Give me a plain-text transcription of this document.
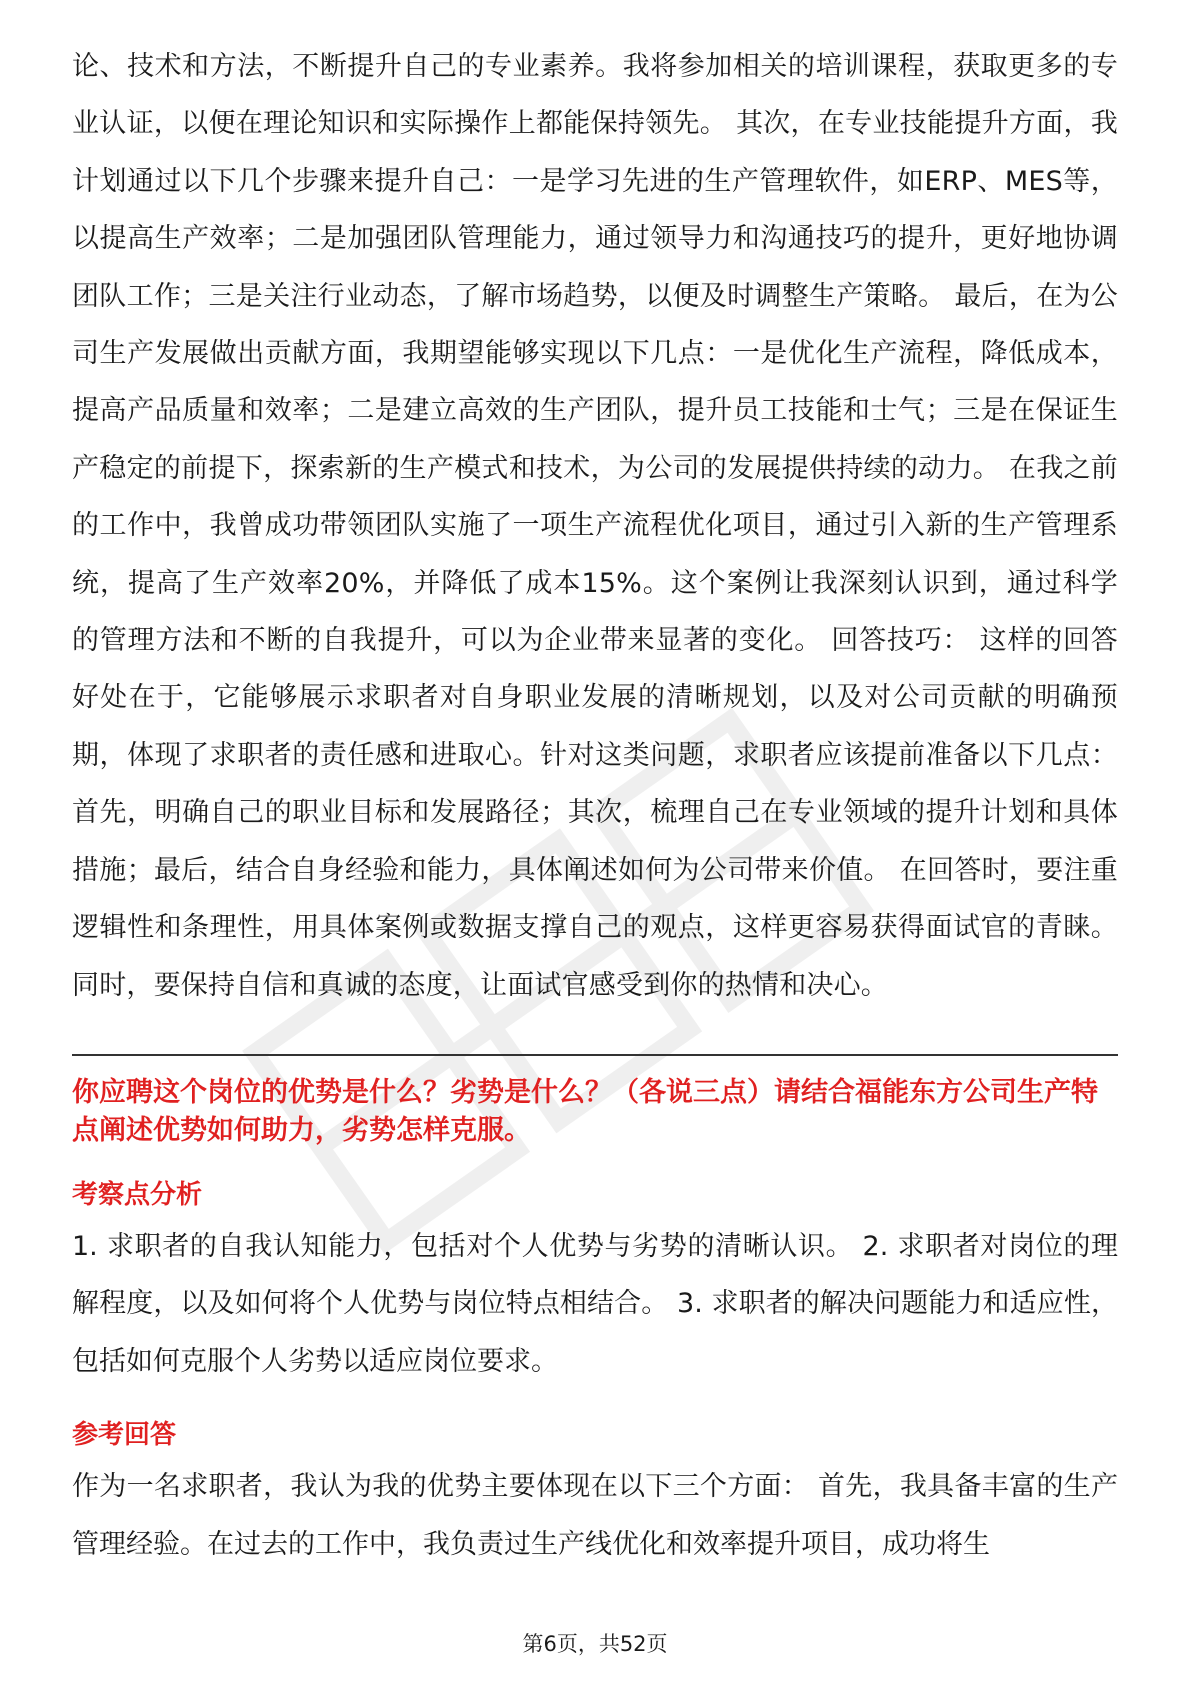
论、技术和方法，不断提升自己的专业素养。我将参加相关的培训课程，获取更多的专业认证，以便在理论知识和实际操作上都能保持领先。 其次，在专业技能提升方面，我计划通过以下几个步骤来提升自己：一是学习先进的生产管理软件，如ERP、MES等，以提高生产效率；二是加强团队管理能力，通过领导力和沟通技巧的提升，更好地协调团队工作；三是关注行业动态，了解市场趋势，以便及时调整生产策略。 最后，在为公司生产发展做出贡献方面，我期望能够实现以下几点：一是优化生产流程，降低成本，提高产品质量和效率；二是建立高效的生产团队，提升员工技能和士气；三是在保证生产稳定的前提下，探索新的生产模式和技术，为公司的发展提供持续的动力。 在我之前的工作中，我曾成功带领团队实施了一项生产流程优化项目，通过引入新的生产管理系统，提高了生产效率20%，并降低了成本15%。这个案例让我深刻认识到，通过科学的管理方法和不断的自我提升，可以为企业带来显著的变化。 回答技巧： 这样的回答好处在于，它能够展示求职者对自身职业发展的清晰规划，以及对公司贡献的明确预期，体现了求职者的责任感和进取心。针对这类问题，求职者应该提前准备以下几点：首先，明确自己的职业目标和发展路径；其次，梳理自己在专业领域的提升计划和具体措施；最后，结合自身经验和能力，具体阐述如何为公司带来价值。 在回答时，要注重逻辑性和条理性，用具体案例或数据支撑自己的观点，这样更容易获得面试官的青睐。同时，要保持自信和真诚的态度，让面试官感受到你的热情和决心。

你应聘这个岗位的优势是什么？劣势是什么？（各说三点）请结合福能东方公司生产特点阐述优势如何助力，劣势怎样克服。

考察点分析

1. 求职者的自我认知能力，包括对个人优势与劣势的清晰认识。 2. 求职者对岗位的理解程度，以及如何将个人优势与岗位特点相结合。 3. 求职者的解决问题能力和适应性，包括如何克服个人劣势以适应岗位要求。

参考回答

作为一名求职者，我认为我的优势主要体现在以下三个方面： 首先，我具备丰富的生产管理经验。在过去的工作中，我负责过生产线优化和效率提升项目，成功将生

第6页，共52页
